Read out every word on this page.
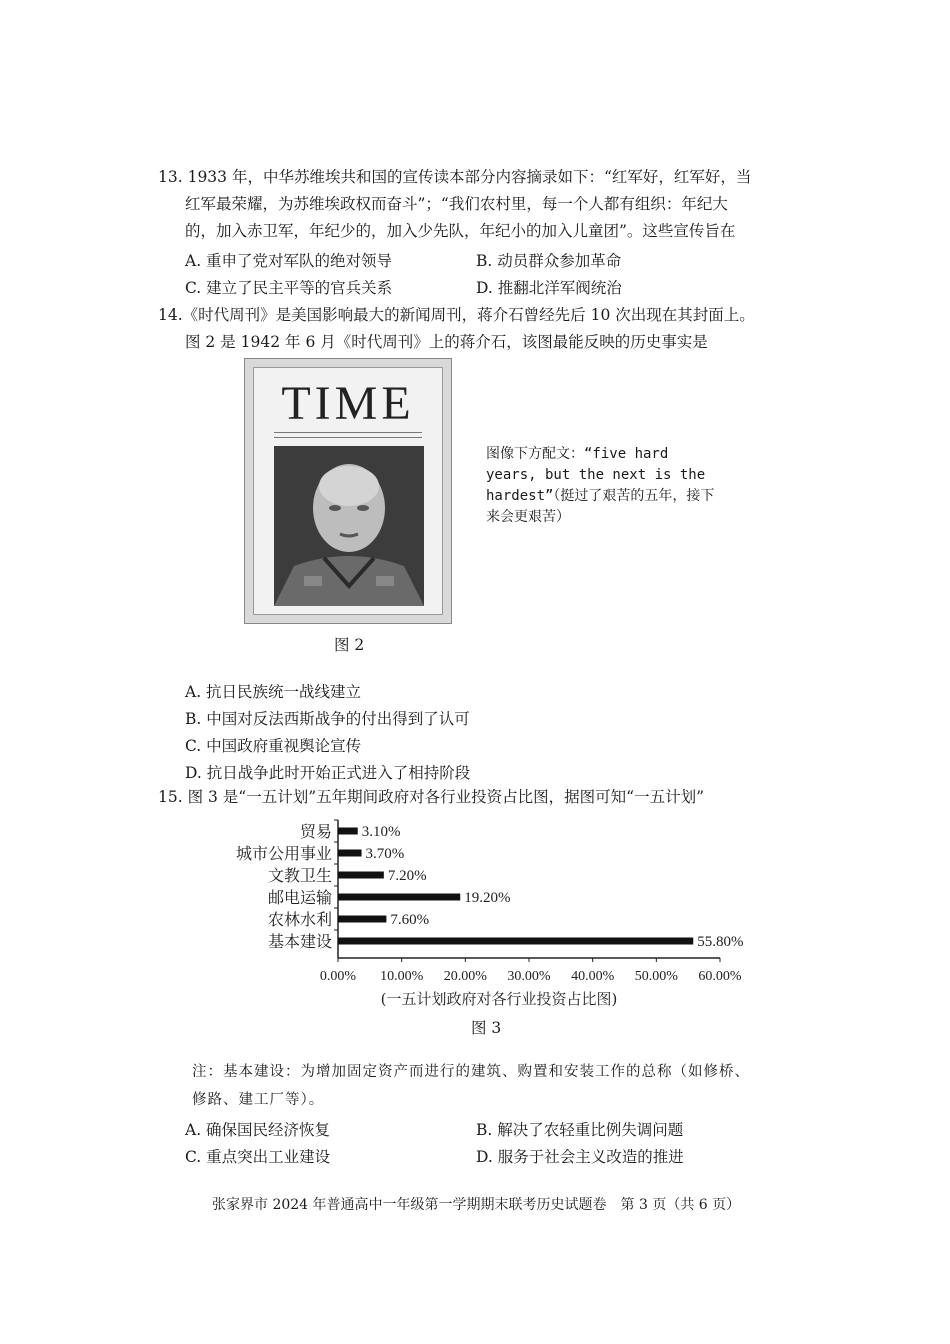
13. 1933 年，中华苏维埃共和国的宣传读本部分内容摘录如下：“红军好，红军好，当
红军最荣耀，为苏维埃政权而奋斗”；“我们农村里，每一个人都有组织：年纪大
的，加入赤卫军，年纪少的，加入少先队，年纪小的加入儿童团”。这些宣传旨在
A. 重申了党对军队的绝对领导	B. 动员群众参加革命
C. 建立了民主平等的官兵关系	D. 推翻北洋军阀统治
14.《时代周刊》是美国影响最大的新闻周刊，蒋介石曾经先后 10 次出现在其封面上。
图 2 是 1942 年 6 月《时代周刊》上的蒋介石，该图最能反映的历史事实是
TIME
图像下方配文：“five hard years, but the next is the hardest”（挺过了艰苦的五年，接下来会更艰苦）
图 2
A. 抗日民族统一战线建立
B. 中国对反法西斯战争的付出得到了认可
C. 中国政府重视舆论宣传
D. 抗日战争此时开始正式进入了相持阶段
15. 图 3 是“一五计划”五年期间政府对各行业投资占比图，据图可知“一五计划”
贸易 3.10%
城市公用事业 3.70%
文教卫生	7.20%
邮电运输	19.20%
农林水利	7.60%
基本建设	55.80%
0.00% 10.00% 20.00% 30.00% 40.00% 50.00% 60.00%
(一五计划政府对各行业投资占比图)
图 3
注：基本建设：为增加固定资产而进行的建筑、购置和安装工作的总称（如修桥、
修路、建工厂等）。
A. 确保国民经济恢复	B. 解决了农轻重比例失调问题
C. 重点突出工业建设	D. 服务于社会主义改造的推进
张家界市 2024 年普通高中一年级第一学期期末联考历史试题卷　第 3 页（共 6 页）
